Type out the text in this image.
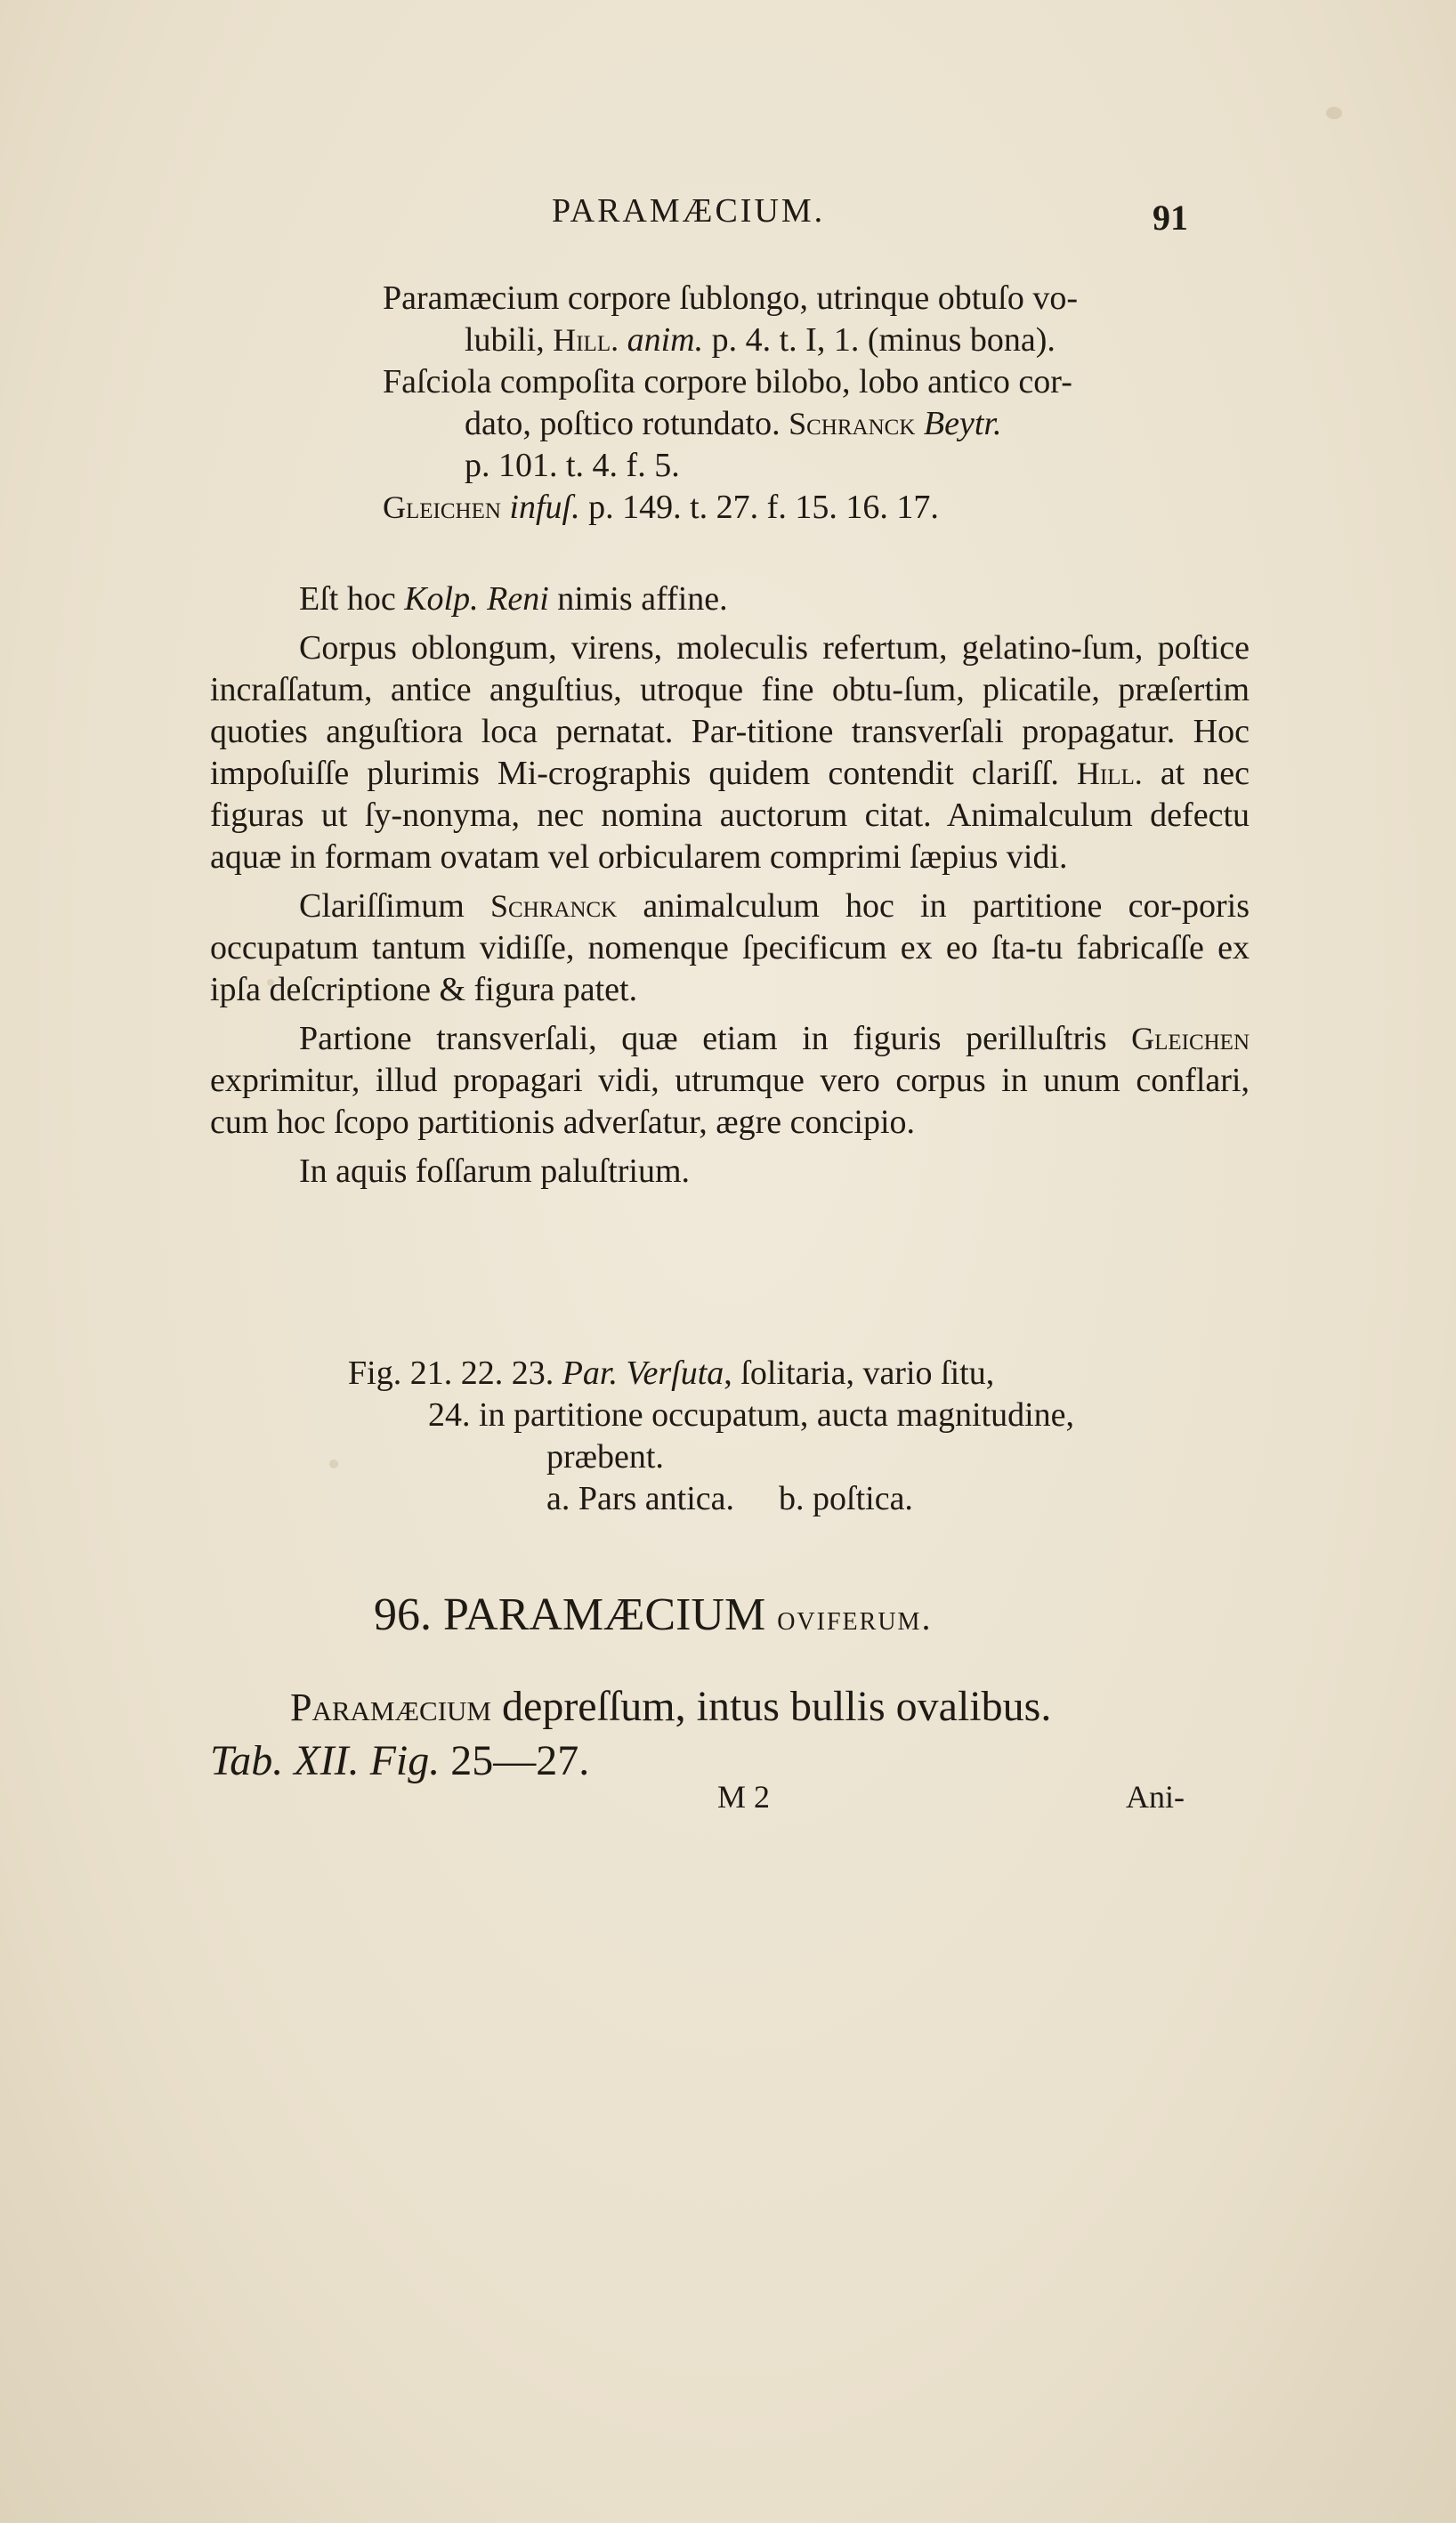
PARAMÆCIUM.	91
Paramæcium corpore ſublongo, utrinque obtuſo vo-
lubili, Hill. anim. p. 4. t. I, 1. (minus bona).
Faſciola compoſita corpore bilobo, lobo antico cor-
dato, poſtico rotundato. Schranck Beytr.
p. 101. t. 4. f. 5.
Gleichen infuſ. p. 149. t. 27. f. 15. 16. 17.

Eſt hoc Kolp. Reni nimis affine.

Corpus oblongum, virens, moleculis refertum, gelatino-ſum, poſtice incraſſatum, antice anguſtius, utroque fine obtu-ſum, plicatile, præſertim quoties anguſtiora loca pernatat. Par-titione transverſali propagatur. Hoc impoſuiſſe plurimis Mi-crographis quidem contendit clariſſ. Hill. at nec figuras ut ſy-nonyma, nec nomina auctorum citat. Animalculum defectu aquæ in formam ovatam vel orbicularem comprimi ſæpius vidi.

Clariſſimum Schranck animalculum hoc in partitione cor-poris occupatum tantum vidiſſe, nomenque ſpecificum ex eo ſta-tu fabricaſſe ex ipſa deſcriptione & figura patet.

Partione transverſali, quæ etiam in figuris perilluſtris Gleichen exprimitur, illud propagari vidi, utrumque vero corpus in unum conflari, cum hoc ſcopo partitionis adverſatur, ægre concipio.

In aquis foſſarum paluſtrium.

Fig. 21. 22. 23. Par. Verſuta, ſolitaria, vario ſitu,
24. in partitione occupatum, aucta magnitudine,
præbent.
a. Pars antica. b. poſtica.
96. PARAMÆCIUM oviferum.
Paramæcium depreſſum, intus bullis ovalibus.
Tab. XII. Fig. 25—27.
M 2	Ani-
